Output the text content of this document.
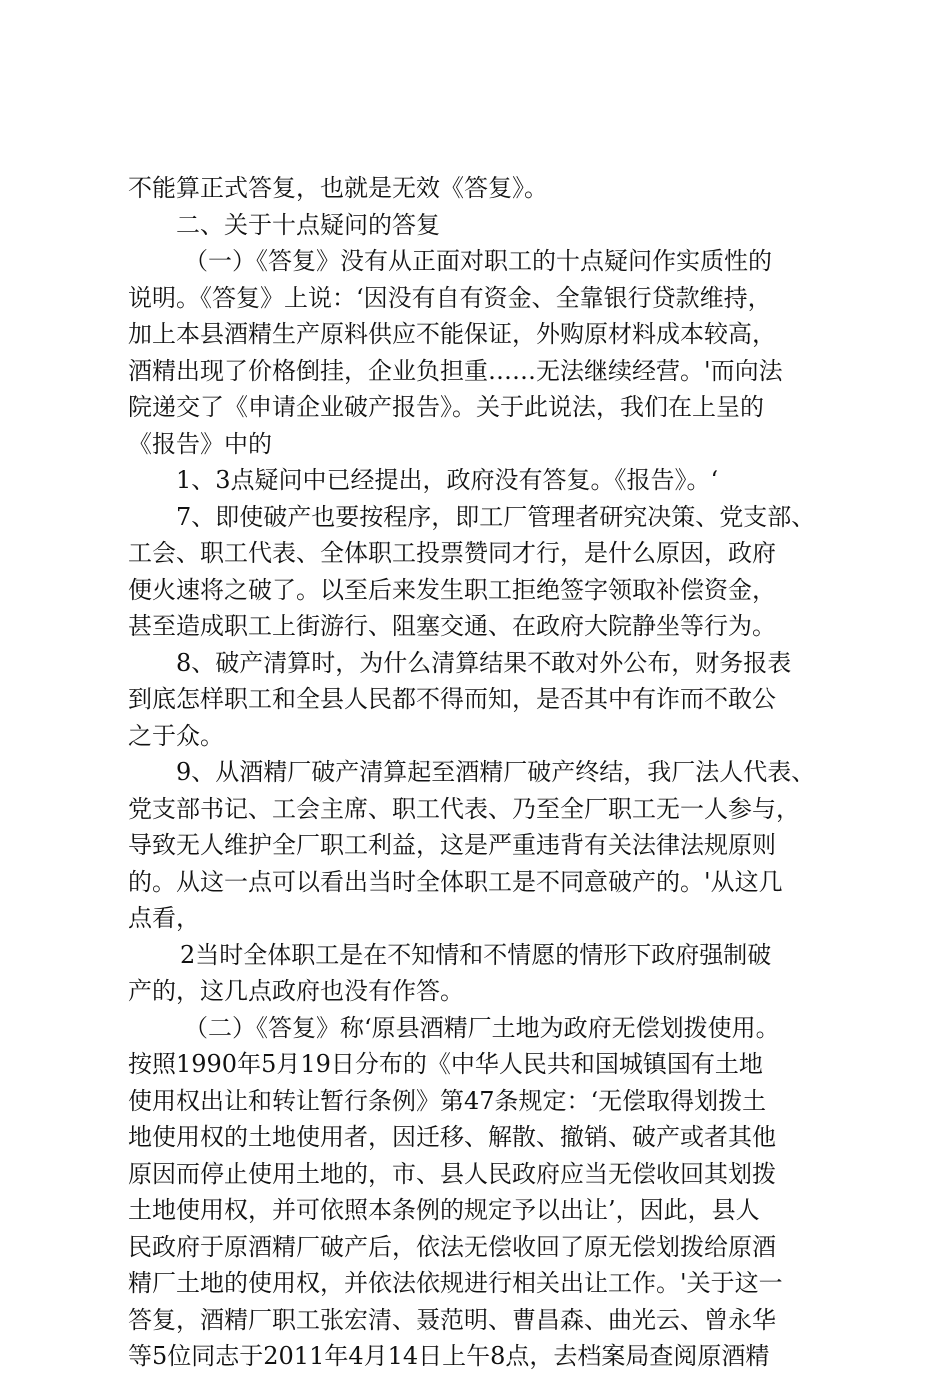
不能算正式答复，也就是无效《答复》。
二、关于十点疑问的答复
（一）《答复》没有从正面对职工的十点疑问作实质性的
说明。《答复》上说：‘因没有自有资金、全靠银行贷款维持，
加上本县酒精生产原料供应不能保证，外购原材料成本较高，
酒精出现了价格倒挂，企业负担重……无法继续经营。'而向法
院递交了《申请企业破产报告》。关于此说法，我们在上呈的
《报告》中的
1、3点疑问中已经提出，政府没有答复。《报告》。‘
7、即使破产也要按程序，即工厂管理者研究决策、党支部、
工会、职工代表、全体职工投票赞同才行，是什么原因，政府
便火速将之破了。以至后来发生职工拒绝签字领取补偿资金，
甚至造成职工上街游行、阻塞交通、在政府大院静坐等行为。
8、破产清算时，为什么清算结果不敢对外公布，财务报表
到底怎样职工和全县人民都不得而知，是否其中有诈而不敢公
之于众。
9、从酒精厂破产清算起至酒精厂破产终结，我厂法人代表、
党支部书记、工会主席、职工代表、乃至全厂职工无一人参与，
导致无人维护全厂职工利益，这是严重违背有关法律法规原则
的。从这一点可以看出当时全体职工是不同意破产的。'从这几
点看，
2当时全体职工是在不知情和不情愿的情形下政府强制破
产的，这几点政府也没有作答。
（二）《答复》称‘原县酒精厂土地为政府无偿划拨使用。
按照1990年5月19日分布的《中华人民共和国城镇国有土地
使用权出让和转让暂行条例》第47条规定：‘无偿取得划拨土
地使用权的土地使用者，因迁移、解散、撤销、破产或者其他
原因而停止使用土地的，市、县人民政府应当无偿收回其划拨
土地使用权，并可依照本条例的规定予以出让’，因此，县人
民政府于原酒精厂破产后，依法无偿收回了原无偿划拨给原酒
精厂土地的使用权，并依法依规进行相关出让工作。'关于这一
答复，酒精厂职工张宏清、聂范明、曹昌森、曲光云、曾永华
等5位同志于2011年4月14日上午8点，去档案局查阅原酒精
